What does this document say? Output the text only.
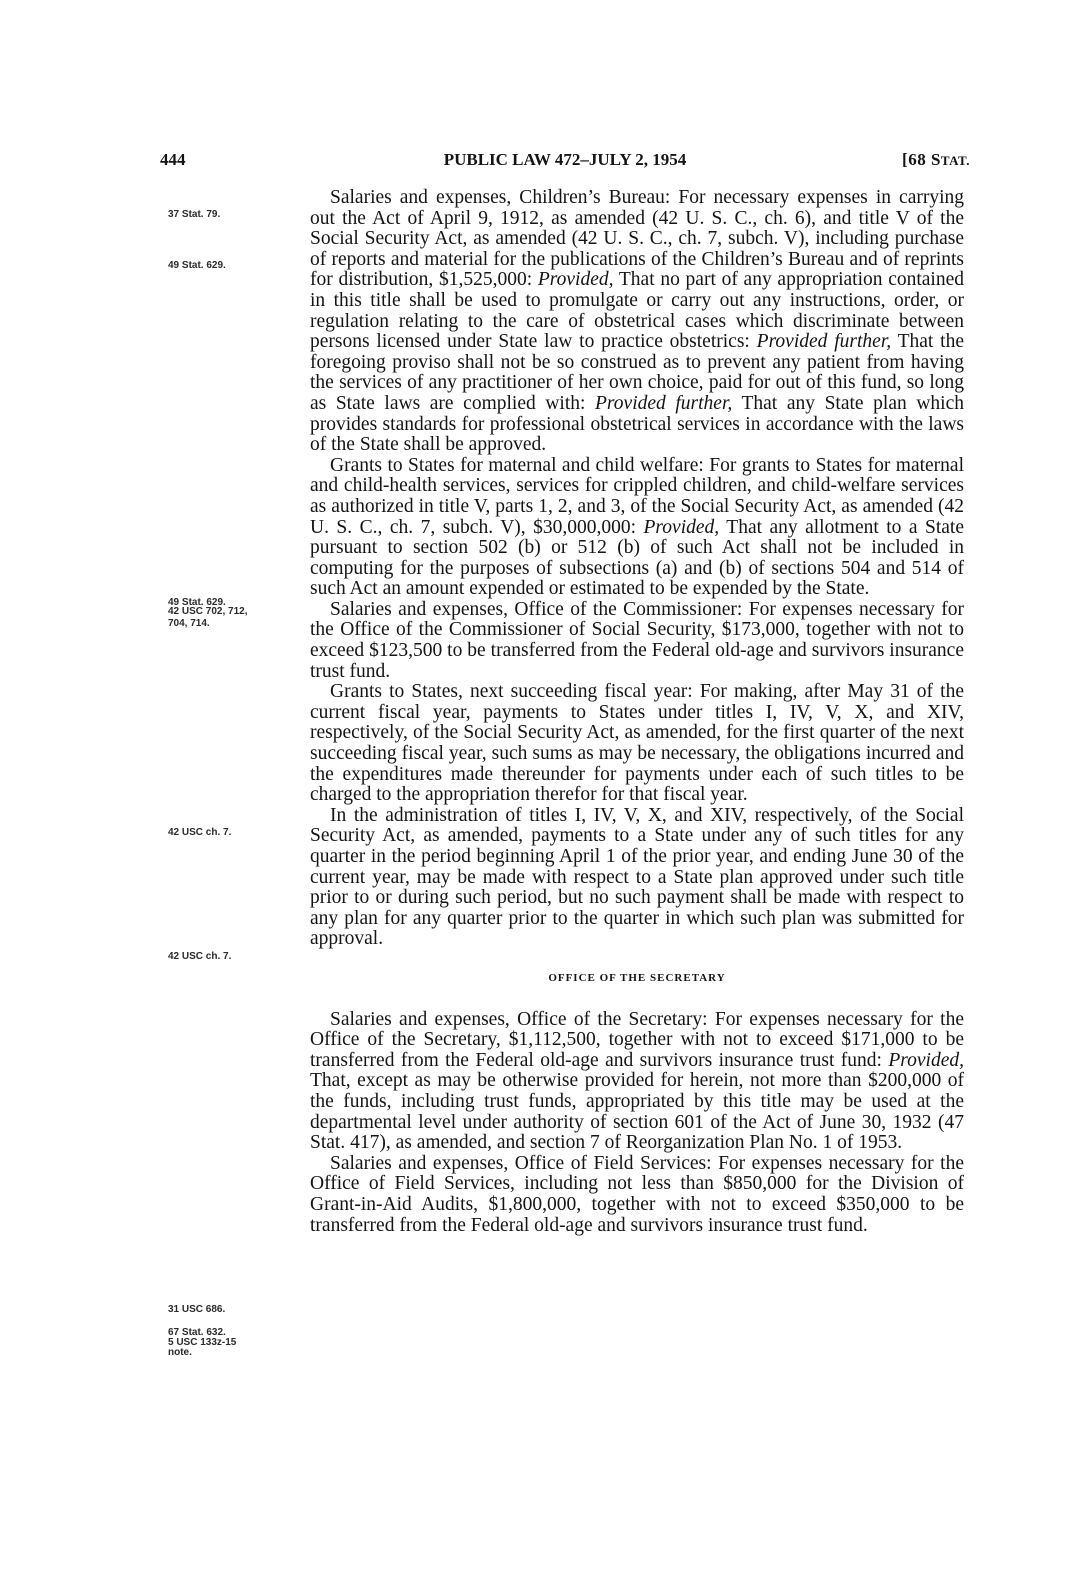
444	PUBLIC LAW 472–JULY 2, 1954	[68 STAT.
37 Stat. 79.
49 Stat. 629.
49 Stat. 629.
42 USC 702, 712,
704, 714.
42 USC ch. 7.
42 USC ch. 7.
31 USC 686.
67 Stat. 632.
5 USC 133z-15
note.

Salaries and expenses, Children’s Bureau: For necessary expenses in carrying out the Act of April 9, 1912, as amended (42 U. S. C., ch. 6), and title V of the Social Security Act, as amended (42 U. S. C., ch. 7, subch. V), including purchase of reports and material for the publications of the Children’s Bureau and of reprints for distribution, $1,525,000: Provided, That no part of any appropriation contained in this title shall be used to promulgate or carry out any instructions, order, or regulation relating to the care of obstetrical cases which discriminate between persons licensed under State law to practice obstetrics: Provided further, That the foregoing proviso shall not be so construed as to prevent any patient from having the services of any practitioner of her own choice, paid for out of this fund, so long as State laws are complied with: Provided further, That any State plan which provides standards for professional obstetrical services in accordance with the laws of the State shall be approved.

Grants to States for maternal and child welfare: For grants to States for maternal and child-health services, services for crippled children, and child-welfare services as authorized in title V, parts 1, 2, and 3, of the Social Security Act, as amended (42 U. S. C., ch. 7, subch. V), $30,000,000: Provided, That any allotment to a State pursuant to section 502 (b) or 512 (b) of such Act shall not be included in computing for the purposes of subsections (a) and (b) of sections 504 and 514 of such Act an amount expended or estimated to be expended by the State.

Salaries and expenses, Office of the Commissioner: For expenses necessary for the Office of the Commissioner of Social Security, $173,000, together with not to exceed $123,500 to be transferred from the Federal old-age and survivors insurance trust fund.

Grants to States, next succeeding fiscal year: For making, after May 31 of the current fiscal year, payments to States under titles I, IV, V, X, and XIV, respectively, of the Social Security Act, as amended, for the first quarter of the next succeeding fiscal year, such sums as may be necessary, the obligations incurred and the expenditures made thereunder for payments under each of such titles to be charged to the appropriation therefor for that fiscal year.

In the administration of titles I, IV, V, X, and XIV, respectively, of the Social Security Act, as amended, payments to a State under any of such titles for any quarter in the period beginning April 1 of the prior year, and ending June 30 of the current year, may be made with respect to a State plan approved under such title prior to or during such period, but no such payment shall be made with respect to any plan for any quarter prior to the quarter in which such plan was submitted for approval.

OFFICE OF THE SECRETARY

Salaries and expenses, Office of the Secretary: For expenses necessary for the Office of the Secretary, $1,112,500, together with not to exceed $171,000 to be transferred from the Federal old-age and survivors insurance trust fund: Provided, That, except as may be otherwise provided for herein, not more than $200,000 of the funds, including trust funds, appropriated by this title may be used at the departmental level under authority of section 601 of the Act of June 30, 1932 (47 Stat. 417), as amended, and section 7 of Reorganization Plan No. 1 of 1953.

Salaries and expenses, Office of Field Services: For expenses necessary for the Office of Field Services, including not less than $850,000 for the Division of Grant-in-Aid Audits, $1,800,000, together with not to exceed $350,000 to be transferred from the Federal old-age and survivors insurance trust fund.
